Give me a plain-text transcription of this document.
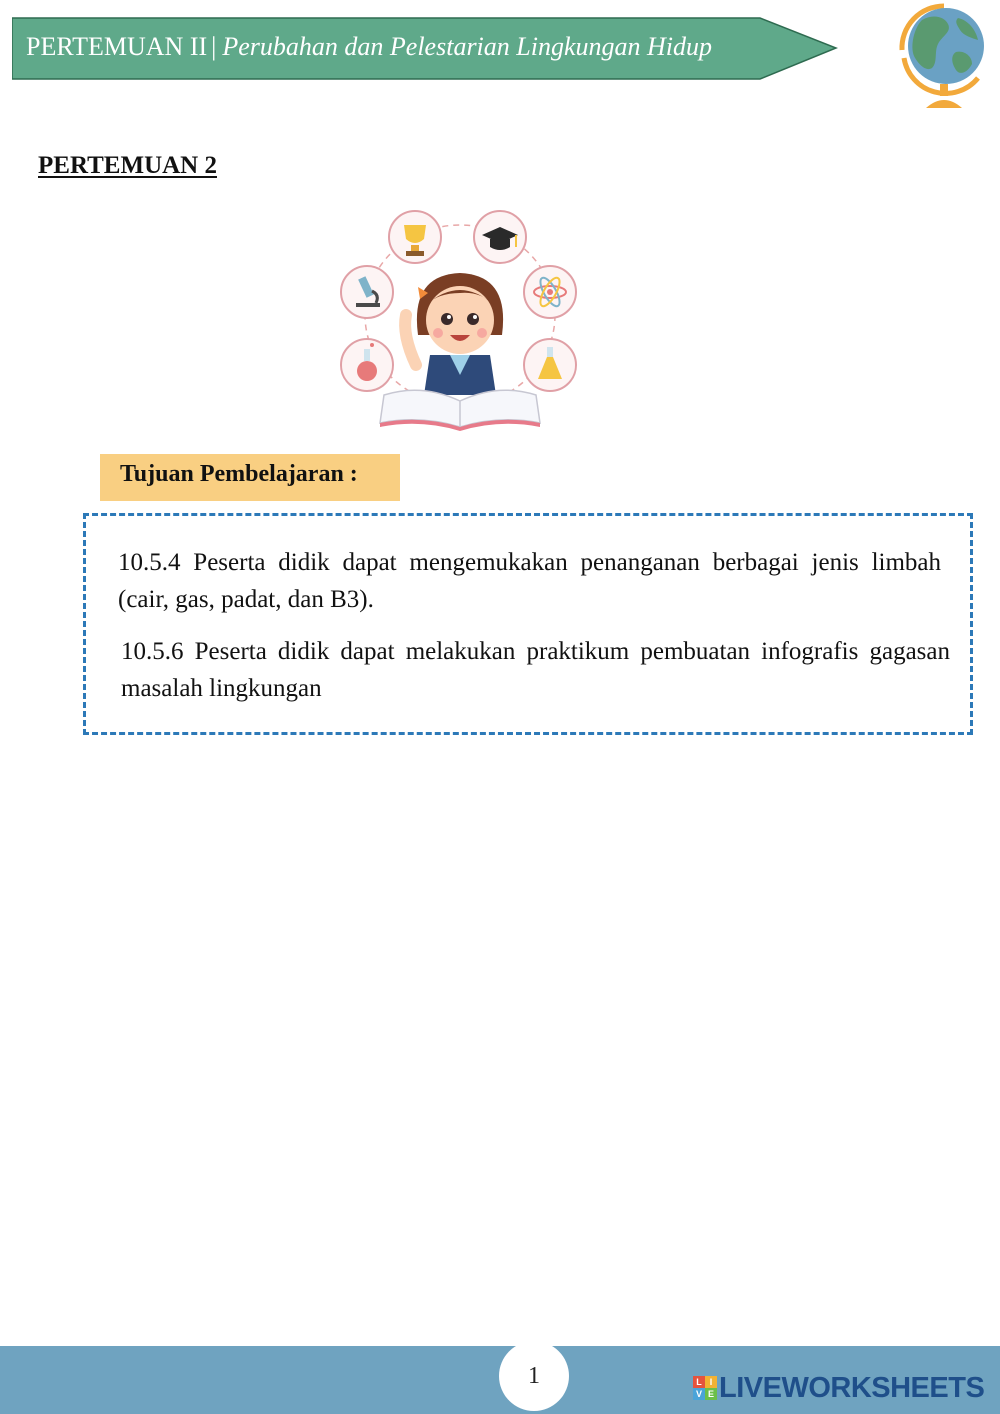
PERTEMUAN II | Perubahan dan Pelestarian Lingkungan Hidup
PERTEMUAN 2
Tujuan Pembelajaran :
10.5.4 Peserta didik dapat mengemukakan penanganan berbagai jenis limbah (cair, gas, padat, dan B3).
10.5.6 Peserta didik dapat melakukan praktikum pembuatan infografis gagasan masalah lingkungan
1	L I
V E LIVEWORKSHEETS
